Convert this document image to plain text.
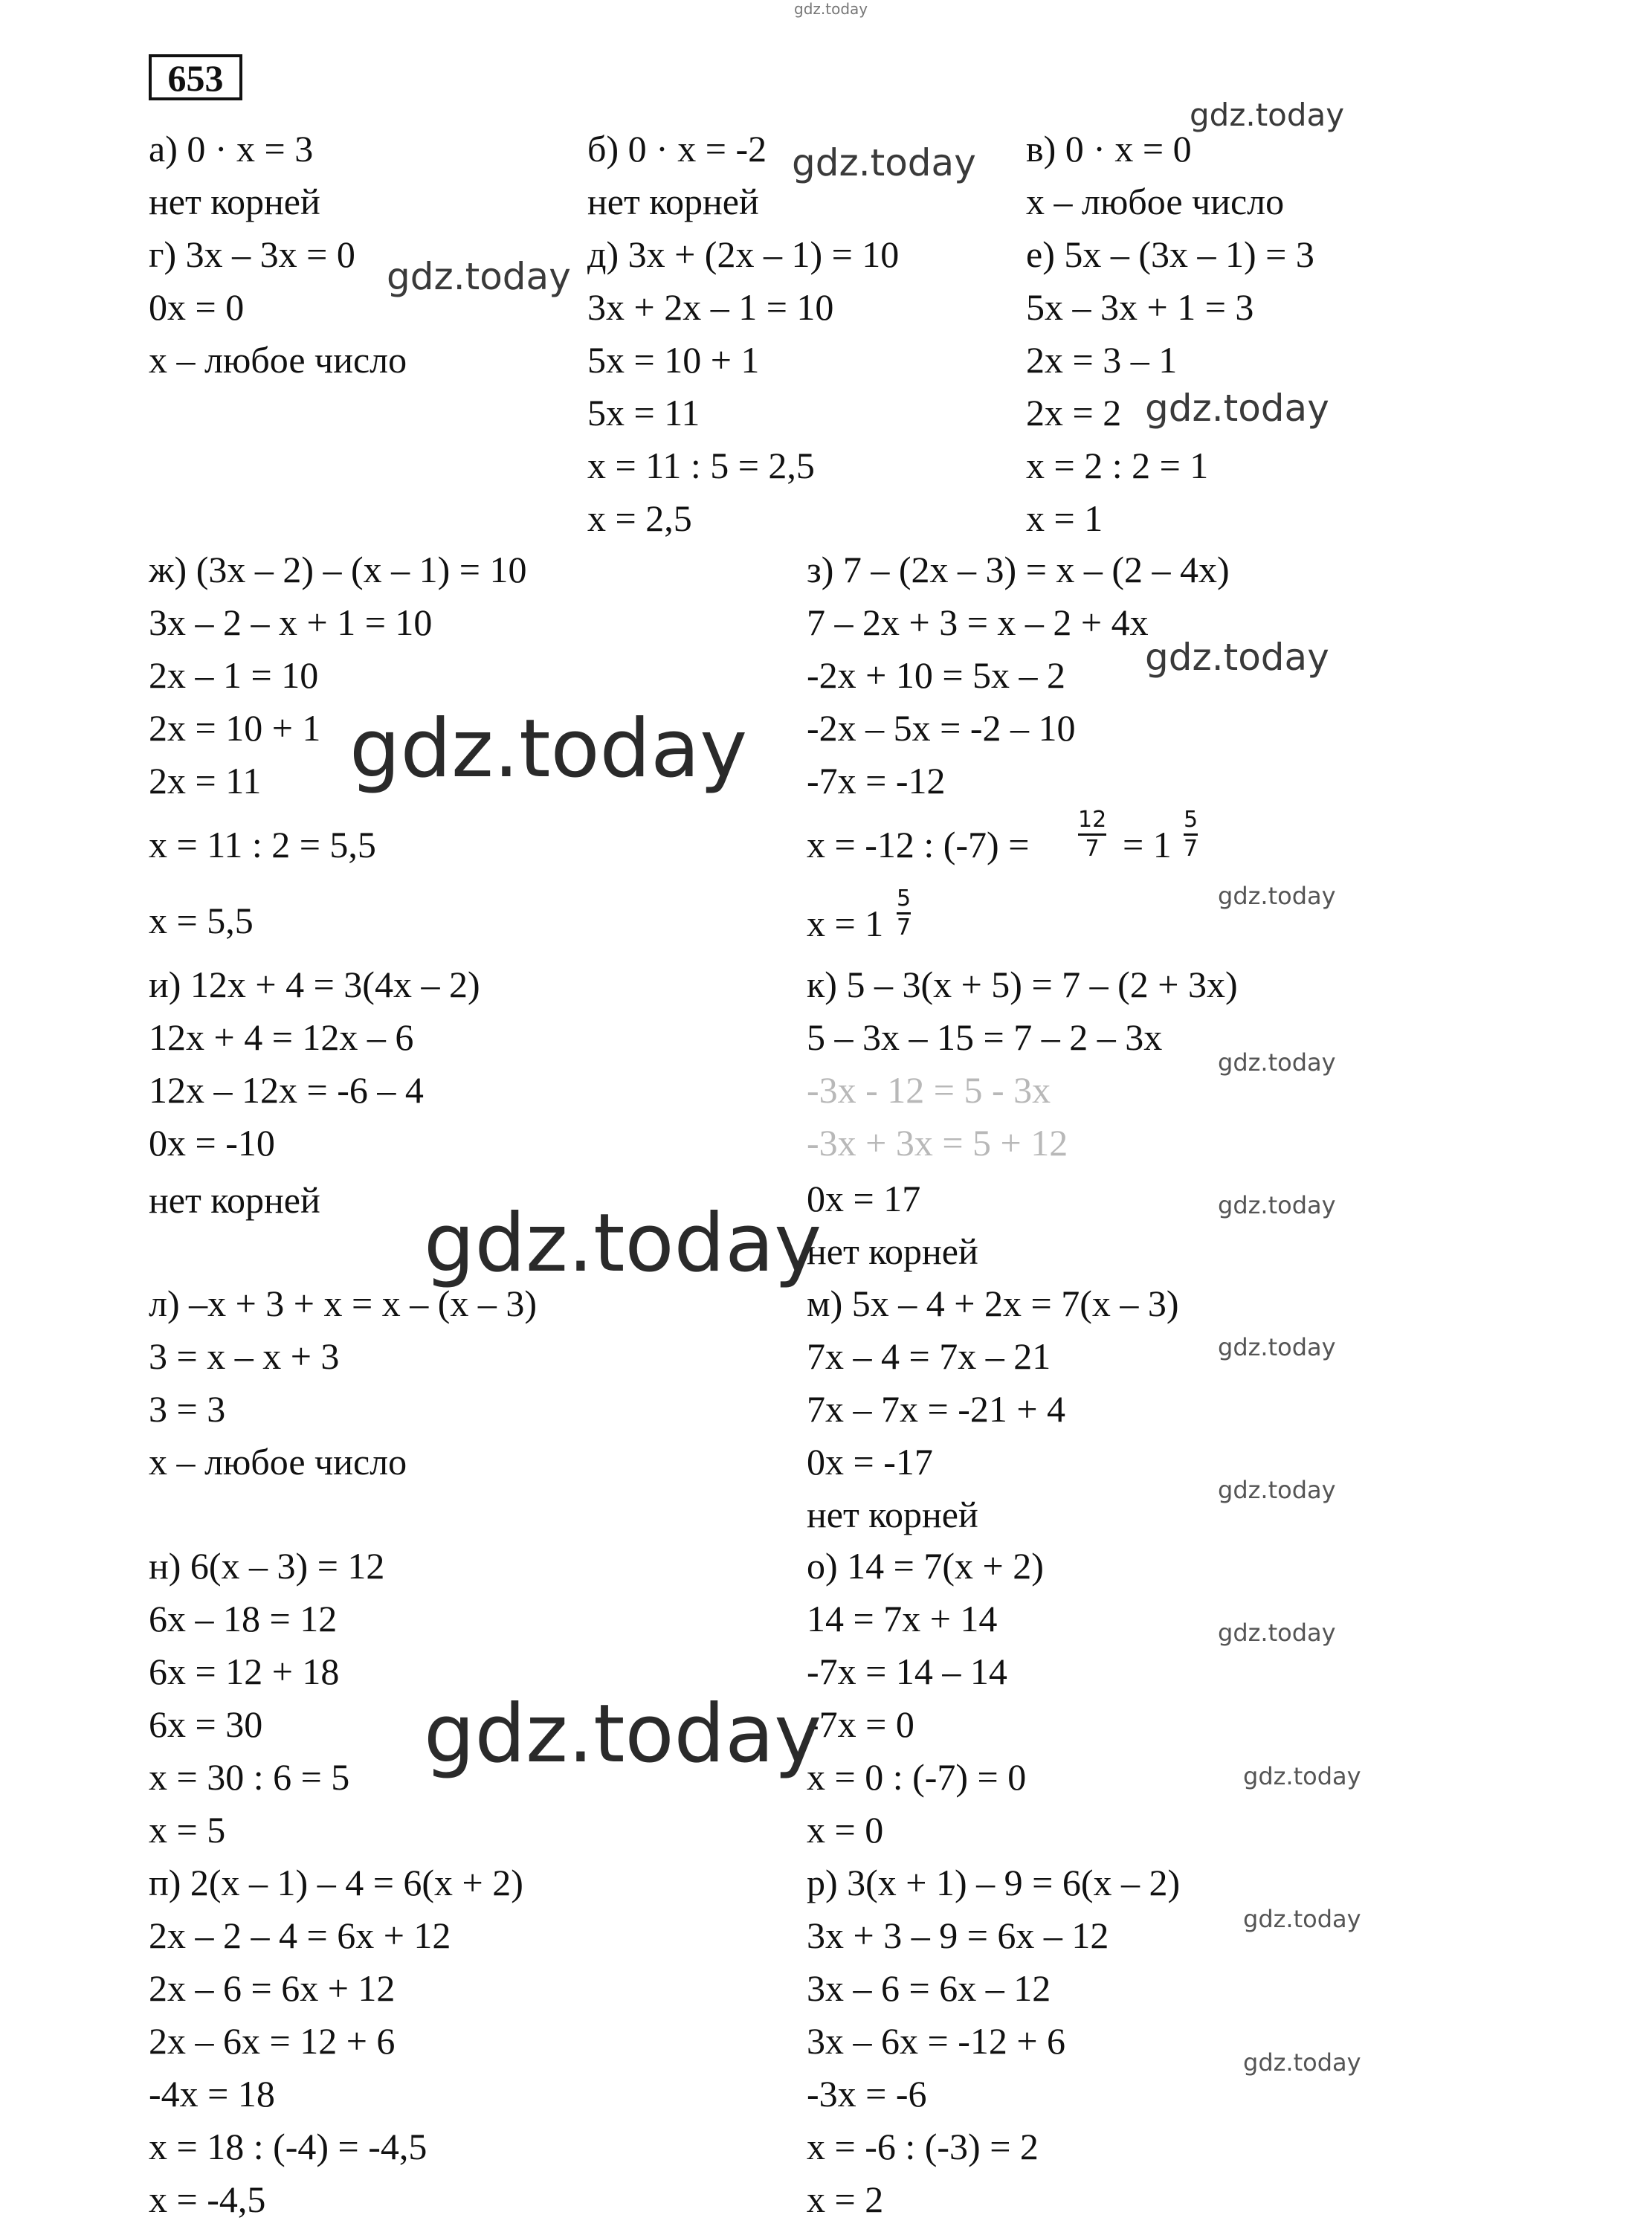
gdz.today
653
а) 0 · x = 3
нет корней
г) 3x – 3x = 0
0x = 0
x – любое число
ж) (3x – 2) – (x – 1) = 10
3x – 2 – x + 1 = 10
2x – 1 = 10
2x = 10 + 1
2x = 11
x = 11 : 2 = 5,5
x = 5,5
и) 12x + 4 = 3(4x – 2)
12x + 4 = 12x – 6
12x – 12x = -6 – 4
0x = -10
нет корней
л) –x + 3 + x = x – (x – 3)
3 = x – x + 3
3 = 3
x – любое число
н) 6(x – 3) = 12
6x – 18 = 12
6x = 12 + 18
6x = 30
x = 30 : 6 = 5
x = 5
п) 2(x – 1) – 4 = 6(x + 2)
2x – 2 – 4 = 6x + 12
2x – 6 = 6x + 12
2x – 6x = 12 + 6
-4x = 18
x = 18 : (-4) = -4,5
x = -4,5
б) 0 · x = -2
нет корней
д) 3x + (2x – 1) = 10
3x + 2x – 1 = 10
5x = 10 + 1
5x = 11
x = 11 : 5 = 2,5
x = 2,5
в) 0 · x = 0
x – любое число
е) 5x – (3x – 1) = 3
5x – 3x + 1 = 3
2x = 3 – 1
2x = 2
x = 2 : 2 = 1
x = 1
з) 7 – (2x – 3) = x – (2 – 4x)
7 – 2x + 3 = x – 2 + 4x
-2x + 10 = 5x – 2
-2x – 5x = -2 – 10
-7x = -12
x = -12 : (-7) =
12
7 = 1
5
7
x = 1
5
7
к) 5 – 3(x + 5) = 7 – (2 + 3x)
5 – 3x – 15 = 7 – 2 – 3x
-3x - 12 = 5 - 3x
-3x + 3x = 5 + 12
0x = 17
нет корней
м) 5x – 4 + 2x = 7(x – 3)
7x – 4 = 7x – 21
7x – 7x = -21 + 4
0x = -17
нет корней
о) 14 = 7(x + 2)
14 = 7x + 14
-7x = 14 – 14
-7x = 0
x = 0 : (-7) = 0
x = 0
р) 3(x + 1) – 9 = 6(x – 2)
3x + 3 – 9 = 6x – 12
3x – 6 = 6x – 12
3x – 6x = -12 + 6
-3x = -6
x = -6 : (-3) = 2
x = 2
gdz.today
gdz.today
gdz.today
gdz.today
gdz.today
gdz.today
gdz.today
gdz.today
gdz.today	gdz.today
gdz.today
gdz.today
gdz.today
gdz.today	gdz.today
gdz.today
gdz.today
